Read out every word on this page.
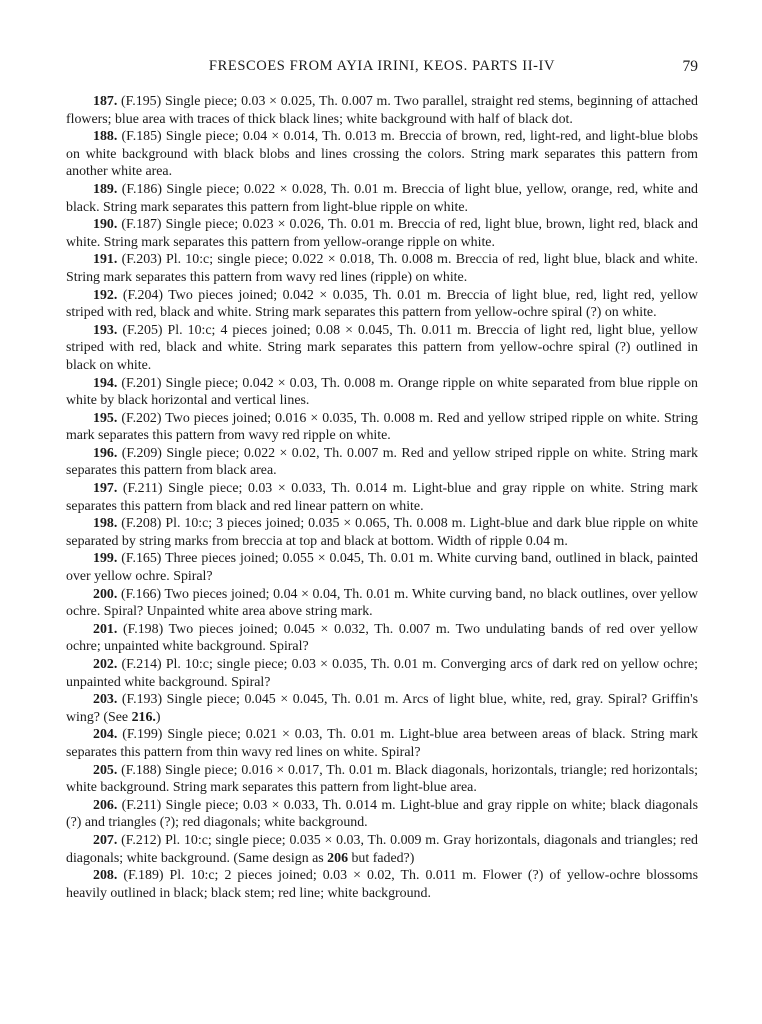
FRESCOES FROM AYIA IRINI, KEOS. PARTS II-IV	79

187. (F.195) Single piece; 0.03 × 0.025, Th. 0.007 m. Two parallel, straight red stems, beginning of attached flowers; blue area with traces of thick black lines; white background with half of black dot.

188. (F.185) Single piece; 0.04 × 0.014, Th. 0.013 m. Breccia of brown, red, light-red, and light-blue blobs on white background with black blobs and lines crossing the colors. String mark separates this pattern from another white area.

189. (F.186) Single piece; 0.022 × 0.028, Th. 0.01 m. Breccia of light blue, yellow, orange, red, white and black. String mark separates this pattern from light-blue ripple on white.

190. (F.187) Single piece; 0.023 × 0.026, Th. 0.01 m. Breccia of red, light blue, brown, light red, black and white. String mark separates this pattern from yellow-orange ripple on white.

191. (F.203) Pl. 10:c; single piece; 0.022 × 0.018, Th. 0.008 m. Breccia of red, light blue, black and white. String mark separates this pattern from wavy red lines (ripple) on white.

192. (F.204) Two pieces joined; 0.042 × 0.035, Th. 0.01 m. Breccia of light blue, red, light red, yellow striped with red, black and white. String mark separates this pattern from yellow-ochre spiral (?) on white.

193. (F.205) Pl. 10:c; 4 pieces joined; 0.08 × 0.045, Th. 0.011 m. Breccia of light red, light blue, yellow striped with red, black and white. String mark separates this pattern from yellow-ochre spiral (?) outlined in black on white.

194. (F.201) Single piece; 0.042 × 0.03, Th. 0.008 m. Orange ripple on white separated from blue ripple on white by black horizontal and vertical lines.

195. (F.202) Two pieces joined; 0.016 × 0.035, Th. 0.008 m. Red and yellow striped ripple on white. String mark separates this pattern from wavy red ripple on white.

196. (F.209) Single piece; 0.022 × 0.02, Th. 0.007 m. Red and yellow striped ripple on white. String mark separates this pattern from black area.

197. (F.211) Single piece; 0.03 × 0.033, Th. 0.014 m. Light-blue and gray ripple on white. String mark separates this pattern from black and red linear pattern on white.

198. (F.208) Pl. 10:c; 3 pieces joined; 0.035 × 0.065, Th. 0.008 m. Light-blue and dark blue ripple on white separated by string marks from breccia at top and black at bottom. Width of ripple 0.04 m.

199. (F.165) Three pieces joined; 0.055 × 0.045, Th. 0.01 m. White curving band, outlined in black, painted over yellow ochre. Spiral?

200. (F.166) Two pieces joined; 0.04 × 0.04, Th. 0.01 m. White curving band, no black outlines, over yellow ochre. Spiral? Unpainted white area above string mark.

201. (F.198) Two pieces joined; 0.045 × 0.032, Th. 0.007 m. Two undulating bands of red over yellow ochre; unpainted white background. Spiral?

202. (F.214) Pl. 10:c; single piece; 0.03 × 0.035, Th. 0.01 m. Converging arcs of dark red on yellow ochre; unpainted white background. Spiral?

203. (F.193) Single piece; 0.045 × 0.045, Th. 0.01 m. Arcs of light blue, white, red, gray. Spiral? Griffin's wing? (See 216.)

204. (F.199) Single piece; 0.021 × 0.03, Th. 0.01 m. Light-blue area between areas of black. String mark separates this pattern from thin wavy red lines on white. Spiral?

205. (F.188) Single piece; 0.016 × 0.017, Th. 0.01 m. Black diagonals, horizontals, triangle; red horizontals; white background. String mark separates this pattern from light-blue area.

206. (F.211) Single piece; 0.03 × 0.033, Th. 0.014 m. Light-blue and gray ripple on white; black diagonals (?) and triangles (?); red diagonals; white background.

207. (F.212) Pl. 10:c; single piece; 0.035 × 0.03, Th. 0.009 m. Gray horizontals, diagonals and triangles; red diagonals; white background. (Same design as 206 but faded?)

208. (F.189) Pl. 10:c; 2 pieces joined; 0.03 × 0.02, Th. 0.011 m. Flower (?) of yellow-ochre blossoms heavily outlined in black; black stem; red line; white background.
